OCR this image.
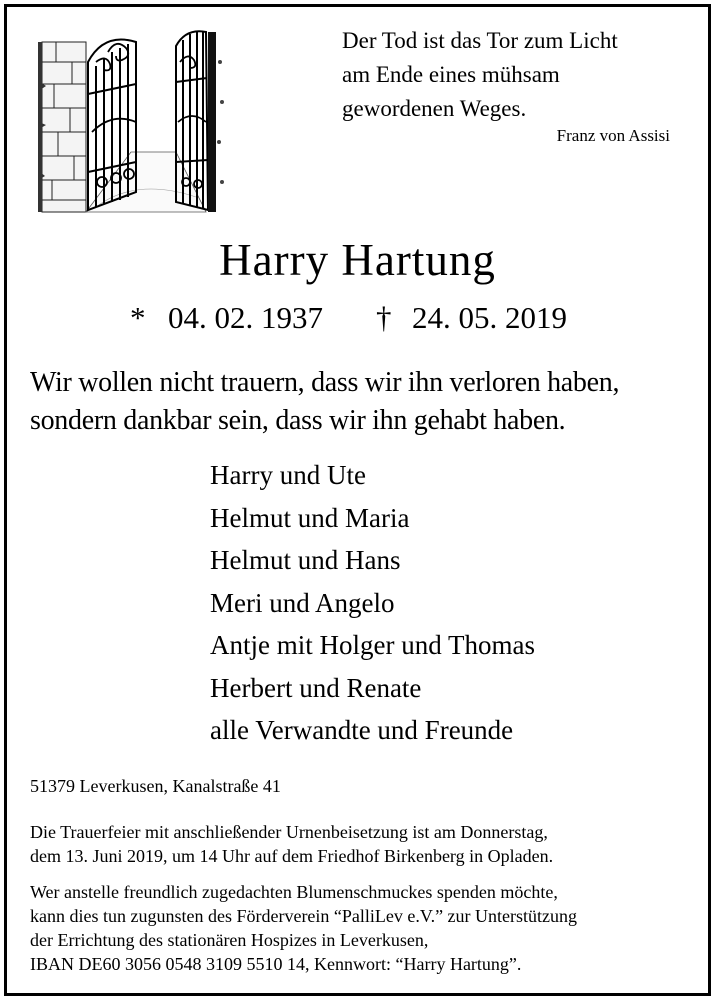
Der Tod ist das Tor zum Licht
am Ende eines mühsam
gewordenen Weges.
Franz von Assisi
Harry Hartung
* 04. 02. 1937 † 24. 05. 2019
Wir wollen nicht trauern, dass wir ihn verloren haben,
sondern dankbar sein, dass wir ihn gehabt haben.
Harry und Ute
Helmut und Maria
Helmut und Hans
Meri und Angelo
Antje mit Holger und Thomas
Herbert und Renate
alle Verwandte und Freunde
51379 Leverkusen, Kanalstraße 41
Die Trauerfeier mit anschließender Urnenbeisetzung ist am Donnerstag,
dem 13. Juni 2019, um 14 Uhr auf dem Friedhof Birkenberg in Opladen.
Wer anstelle freundlich zugedachten Blumenschmuckes spenden möchte,
kann dies tun zugunsten des Förderverein “PalliLev e.V.” zur Unterstützung
der Errichtung des stationären Hospizes in Leverkusen,
IBAN DE60 3056 0548 3109 5510 14, Kennwort: “Harry Hartung”.
